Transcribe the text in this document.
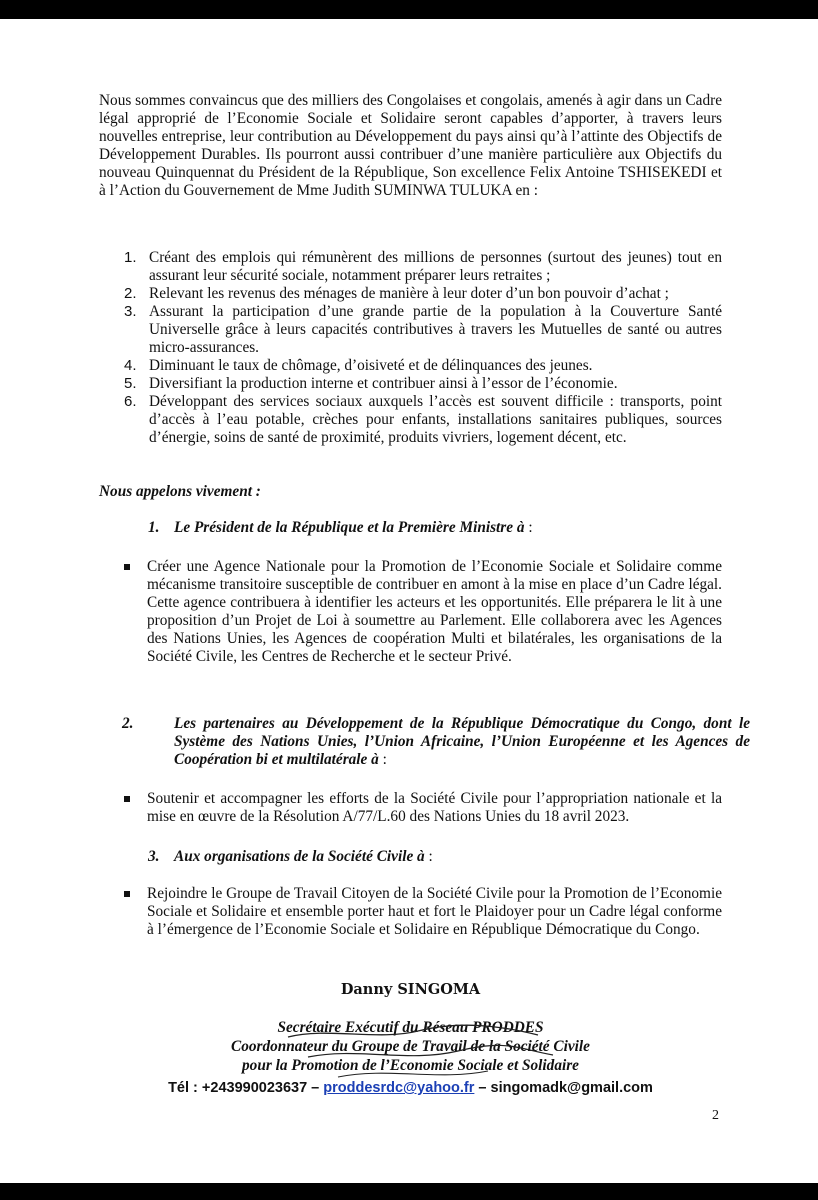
Nous sommes convaincus que des milliers des Congolaises et congolais, amenés à agir dans un Cadre légal approprié de l’Economie Sociale et Solidaire seront capables d’apporter, à travers leurs nouvelles entreprise, leur contribution au Développement du pays ainsi qu’à l’attinte des Objectifs de Développement Durables. Ils pourront aussi contribuer d’une manière particulière aux Objectifs du nouveau Quinquennat du Président de la République, Son excellence Felix Antoine TSHISEKEDI et à l’Action du Gouvernement de Mme Judith SUMINWA TULUKA en :

1. Créant des emplois qui rémunèrent des millions de personnes (surtout des jeunes) tout en assurant leur sécurité sociale, notamment préparer leurs retraites ;
2. Relevant les revenus des ménages de manière à leur doter d’un bon pouvoir d’achat ;
3. Assurant la participation d’une grande partie de la population à la Couverture Santé Universelle grâce à leurs capacités contributives à travers les Mutuelles de santé ou autres micro-assurances.
4. Diminuant le taux de chômage, d’oisiveté et de délinquances des jeunes.
5. Diversifiant la production interne et contribuer ainsi à l’essor de l’économie.
6. Développant des services sociaux auxquels l’accès est souvent difficile : transports, point d’accès à l’eau potable, crèches pour enfants, installations sanitaires publiques, sources d’énergie, soins de santé de proximité, produits vivriers, logement décent, etc.

Nous appelons vivement :

1. Le Président de la République et la Première Ministre à :

Créer une Agence Nationale pour la Promotion de l’Economie Sociale et Solidaire comme mécanisme transitoire susceptible de contribuer en amont à la mise en place d’un Cadre légal. Cette agence contribuera à identifier les acteurs et les opportunités. Elle préparera le lit à une proposition d’un Projet de Loi à soumettre au Parlement. Elle collaborera avec les Agences des Nations Unies, les Agences de coopération Multi et bilatérales, les organisations de la Société Civile, les Centres de Recherche et le secteur Privé.

2.	Les partenaires au Développement de la République Démocratique du Congo, dont le Système des Nations Unies, l’Union Africaine, l’Union Européenne et les Agences de Coopération bi et multilatérale à :

Soutenir et accompagner les efforts de la Société Civile pour l’appropriation nationale et la mise en œuvre de la Résolution A/77/L.60 des Nations Unies du 18 avril 2023.

3. Aux organisations de la Société Civile à :

Rejoindre le Groupe de Travail Citoyen de la Société Civile pour la Promotion de l’Economie Sociale et Solidaire et ensemble porter haut et fort le Plaidoyer pour un Cadre légal conforme à l’émergence de l’Economie Sociale et Solidaire en République Démocratique du Congo.

Danny SINGOMA

Secrétaire Exécutif du Réseau PRODDES

Coordonnateur du Groupe de Travail de la Société Civile

pour la Promotion de l’Economie Sociale et Solidaire

Tél : +243990023637 – proddesrdc@yahoo.fr – singomadk@gmail.com

2
